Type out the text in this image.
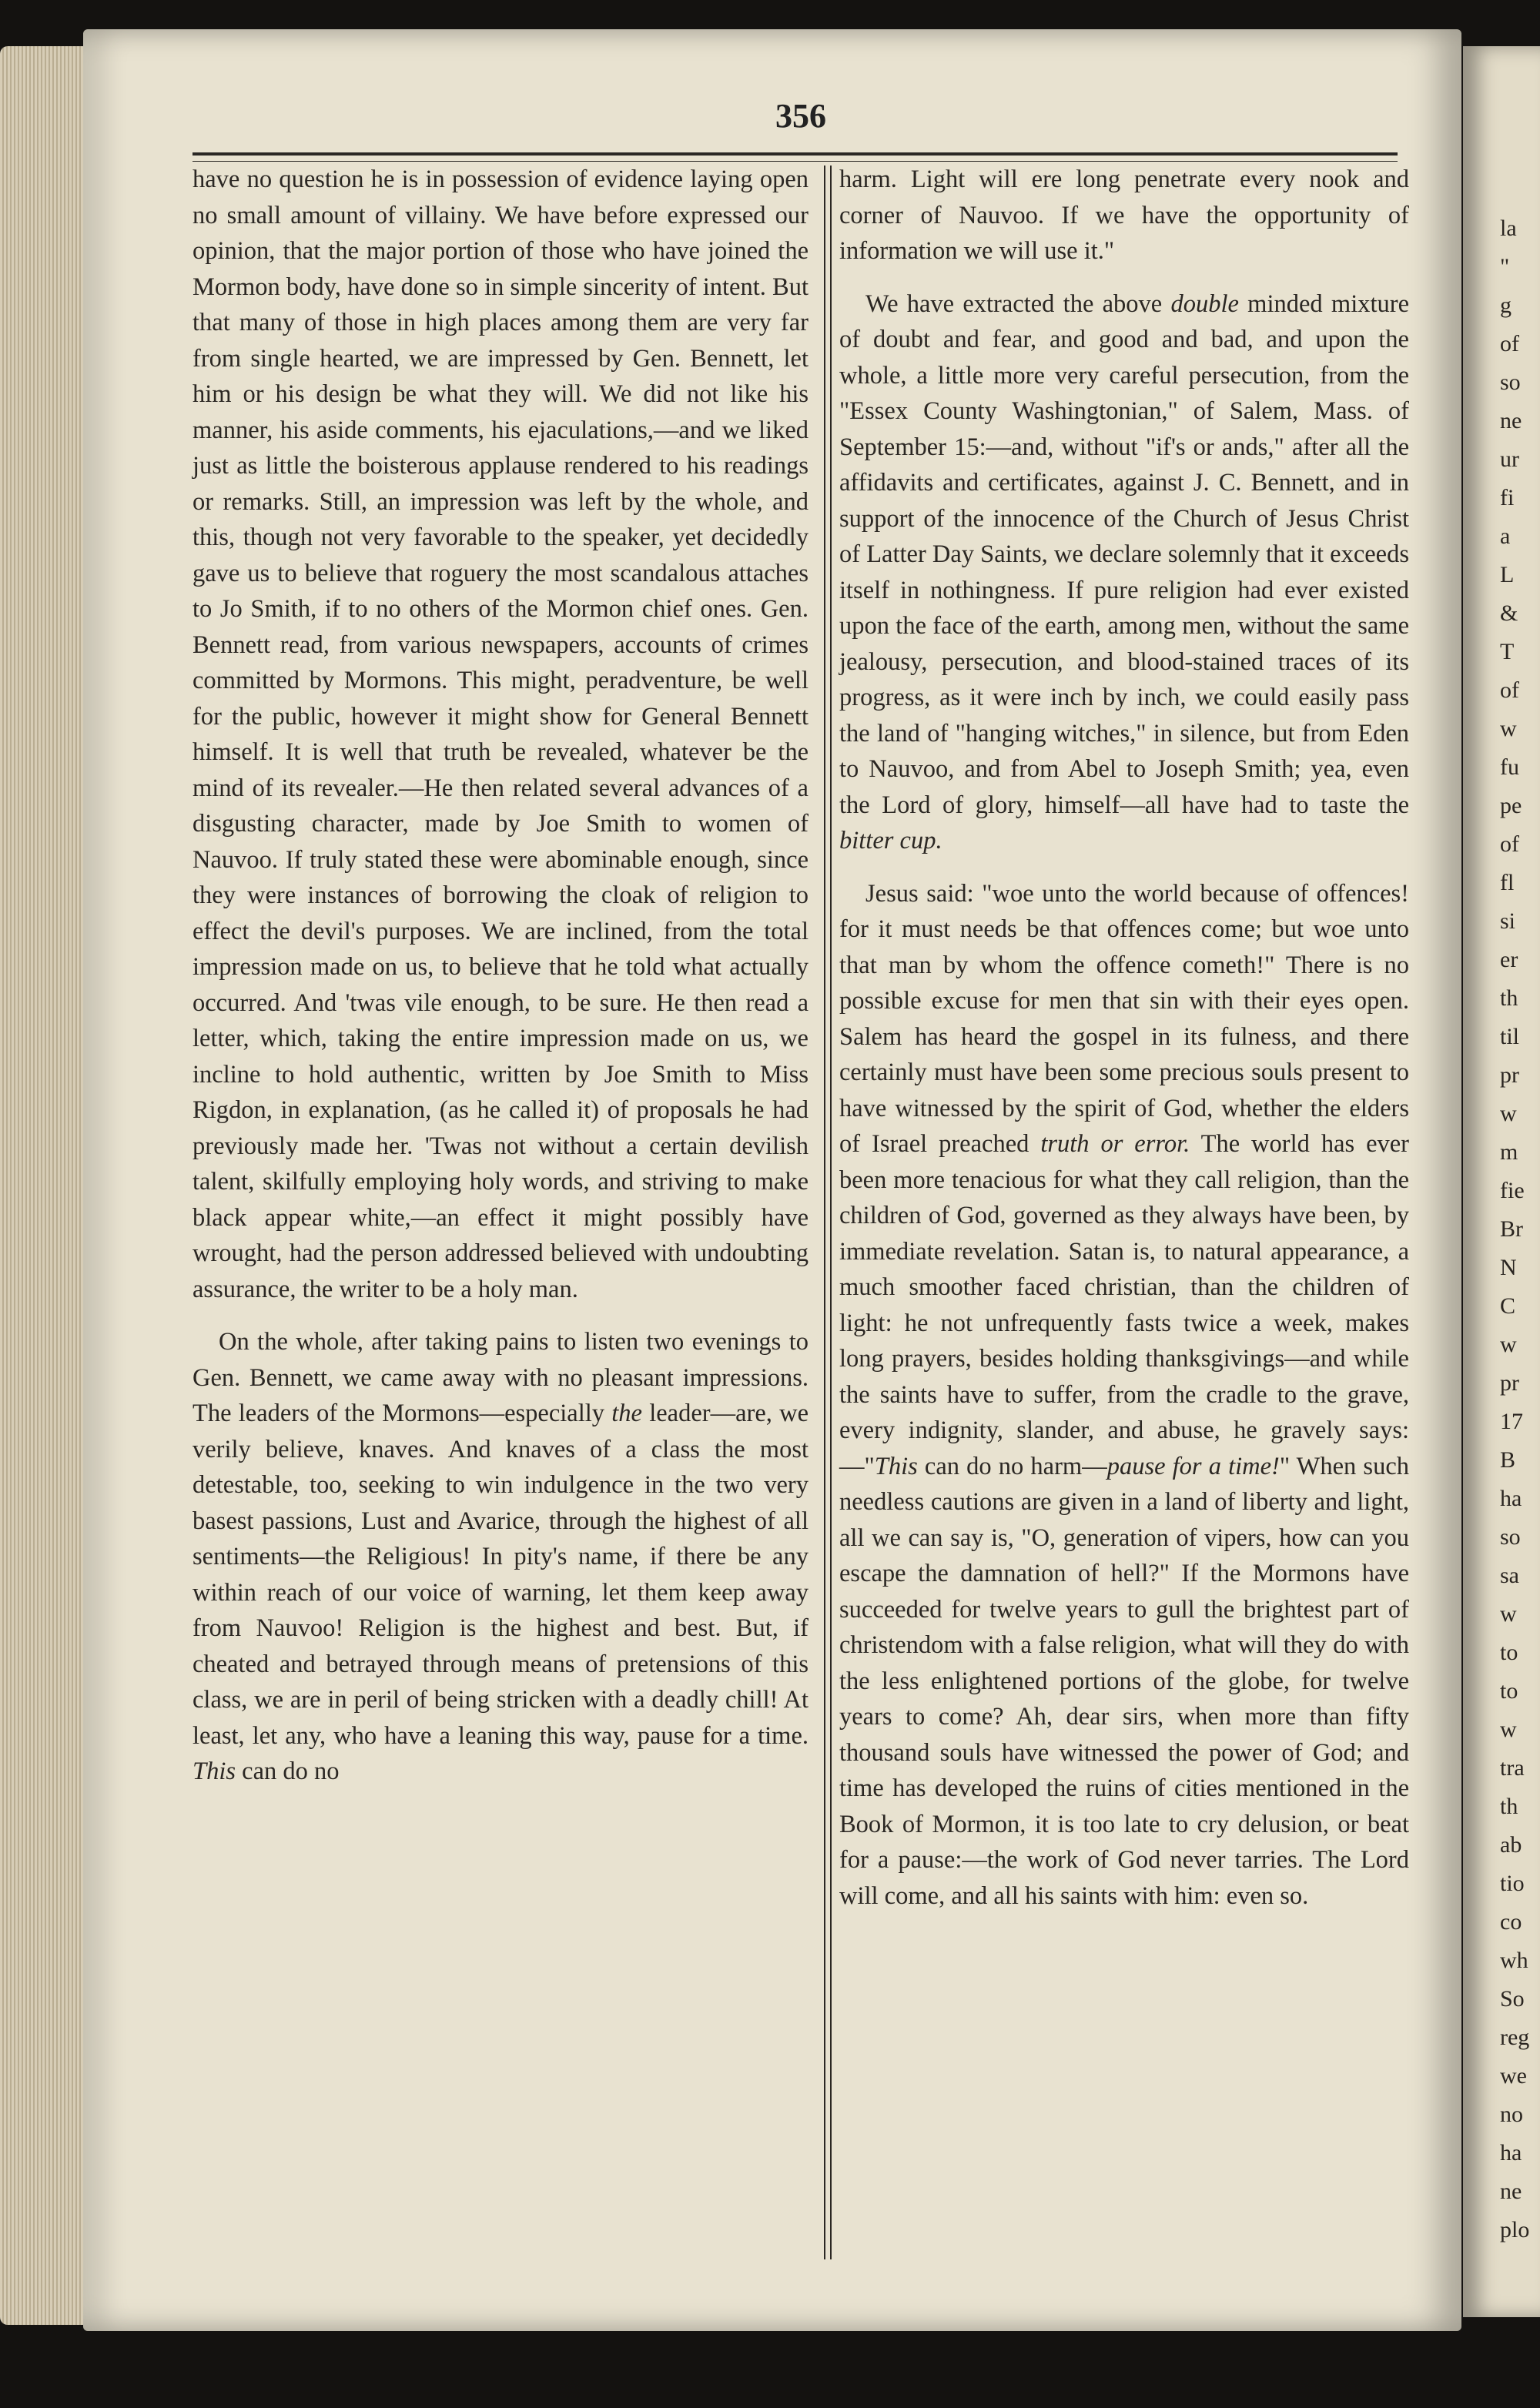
la
"
g
of
so
ne
ur
fi
a
L
&
T
of
w
fu
pe
of
fl
si
er
th
til
pr
w
m
fie
Br
N
C
w
pr
17
B
ha
so
sa
w
to
to
w
tra
th
ab
tio
co
wh
So
reg
we
no
ha
ne
plo
356

have no question he is in possession of evidence laying open no small amount of villainy. We have before expressed our opinion, that the major portion of those who have joined the Mormon body, have done so in simple sincerity of intent. But that many of those in high places among them are very far from single hearted, we are impressed by Gen. Bennett, let him or his design be what they will. We did not like his manner, his aside comments, his ejaculations,—and we liked just as little the boisterous applause rendered to his readings or remarks. Still, an impression was left by the whole, and this, though not very favorable to the speaker, yet decidedly gave us to believe that roguery the most scandalous attaches to Jo Smith, if to no others of the Mormon chief ones. Gen. Bennett read, from various newspapers, accounts of crimes committed by Mormons. This might, peradventure, be well for the public, however it might show for General Bennett himself. It is well that truth be revealed, whatever be the mind of its revealer.—He then related several advances of a disgusting character, made by Joe Smith to women of Nauvoo. If truly stated these were abominable enough, since they were instances of borrowing the cloak of religion to effect the devil's purposes. We are inclined, from the total impression made on us, to believe that he told what actually occurred. And 'twas vile enough, to be sure. He then read a letter, which, taking the entire impression made on us, we incline to hold authentic, written by Joe Smith to Miss Rigdon, in explanation, (as he called it) of proposals he had previously made her. 'Twas not without a certain devilish talent, skilfully employing holy words, and striving to make black appear white,—an effect it might possibly have wrought, had the person addressed believed with undoubting assurance, the writer to be a holy man.

On the whole, after taking pains to listen two evenings to Gen. Bennett, we came away with no pleasant impressions. The leaders of the Mormons—especially the leader—are, we verily believe, knaves. And knaves of a class the most detestable, too, seeking to win indulgence in the two very basest passions, Lust and Avarice, through the highest of all sentiments—the Religious! In pity's name, if there be any within reach of our voice of warning, let them keep away from Nauvoo! Religion is the highest and best. But, if cheated and betrayed through means of pretensions of this class, we are in peril of being stricken with a deadly chill! At least, let any, who have a leaning this way, pause for a time. This can do no

harm. Light will ere long penetrate every nook and corner of Nauvoo. If we have the opportunity of information we will use it."

We have extracted the above double minded mixture of doubt and fear, and good and bad, and upon the whole, a little more very careful persecution, from the "Essex County Washingtonian," of Salem, Mass. of September 15:—and, without "if's or ands," after all the affidavits and certificates, against J. C. Bennett, and in support of the innocence of the Church of Jesus Christ of Latter Day Saints, we declare solemnly that it exceeds itself in nothingness. If pure religion had ever existed upon the face of the earth, among men, without the same jealousy, persecution, and blood-stained traces of its progress, as it were inch by inch, we could easily pass the land of "hanging witches," in silence, but from Eden to Nauvoo, and from Abel to Joseph Smith; yea, even the Lord of glory, himself—all have had to taste the bitter cup.

Jesus said: "woe unto the world because of offences! for it must needs be that offences come; but woe unto that man by whom the offence cometh!" There is no possible excuse for men that sin with their eyes open. Salem has heard the gospel in its fulness, and there certainly must have been some precious souls present to have witnessed by the spirit of God, whether the elders of Israel preached truth or error. The world has ever been more tenacious for what they call religion, than the children of God, governed as they always have been, by immediate revelation. Satan is, to natural appearance, a much smoother faced christian, than the children of light: he not unfrequently fasts twice a week, makes long prayers, besides holding thanksgivings—and while the saints have to suffer, from the cradle to the grave, every indignity, slander, and abuse, he gravely says:—"This can do no harm—pause for a time!" When such needless cautions are given in a land of liberty and light, all we can say is, "O, generation of vipers, how can you escape the damnation of hell?" If the Mormons have succeeded for twelve years to gull the brightest part of christendom with a false religion, what will they do with the less enlightened portions of the globe, for twelve years to come? Ah, dear sirs, when more than fifty thousand souls have witnessed the power of God; and time has developed the ruins of cities mentioned in the Book of Mormon, it is too late to cry delusion, or beat for a pause:—the work of God never tarries. The Lord will come, and all his saints with him: even so.
